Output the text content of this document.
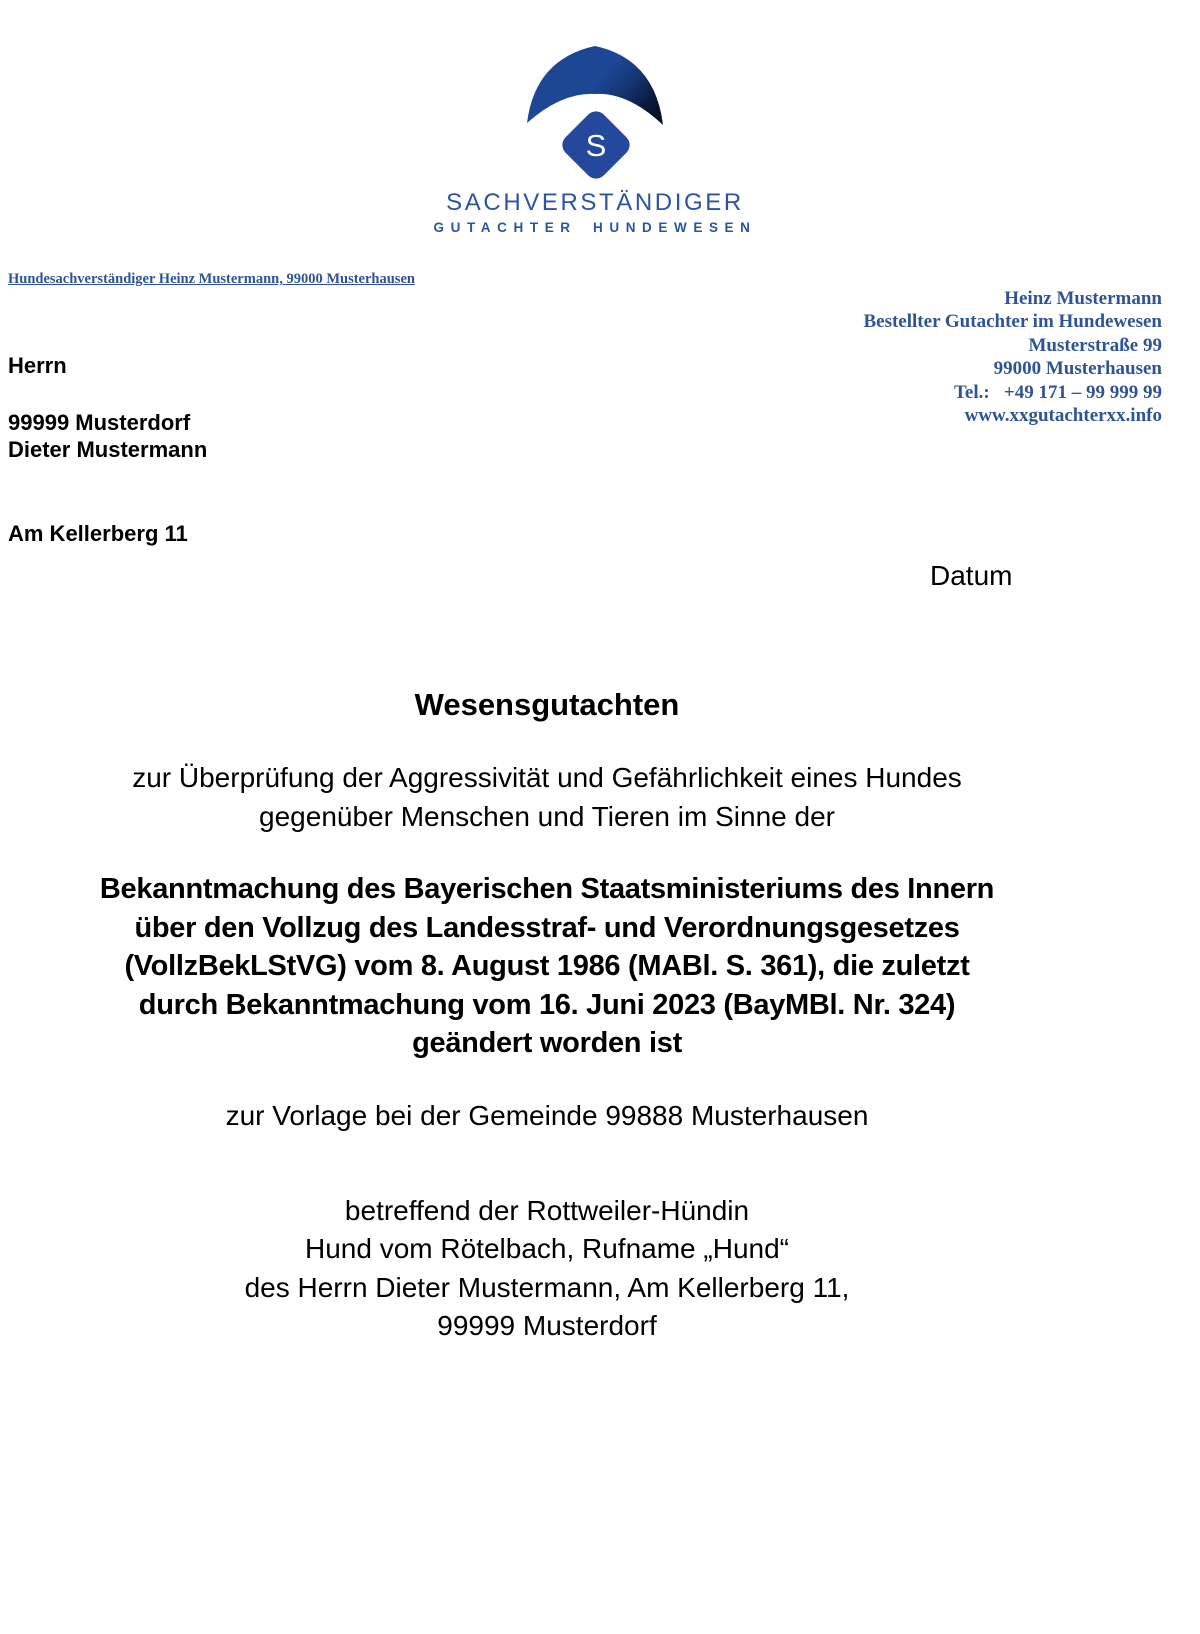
S
SACHVERSTÄNDIGER
GUTACHTER HUNDEWESEN
Hundesachverständiger Heinz Mustermann, 99000 Musterhausen

Herrn

Dieter Mustermann

Am Kellerberg 11

99999 Musterdorf
Heinz Mustermann
Bestellter Gutachter im Hundewesen
Musterstraße 99
99000 Musterhausen
Tel.:   +49 171 – 99 999 99
www.xxgutachterxx.info
Datum
Wesensgutachten
zur Überprüfung der Aggressivität und Gefährlichkeit eines Hundes
gegenüber Menschen und Tieren im Sinne der
Bekanntmachung des Bayerischen Staatsministeriums des Innern
über den Vollzug des Landesstraf- und Verordnungsgesetzes
(VollzBekLStVG) vom 8. August 1986 (MABl. S. 361), die zuletzt
durch Bekanntmachung vom 16. Juni 2023 (BayMBl. Nr. 324)
geändert worden ist
zur Vorlage bei der Gemeinde 99888 Musterhausen
betreffend der Rottweiler-Hündin
Hund vom Rötelbach, Rufname „Hund“
des Herrn Dieter Mustermann, Am Kellerberg 11,
99999 Musterdorf
